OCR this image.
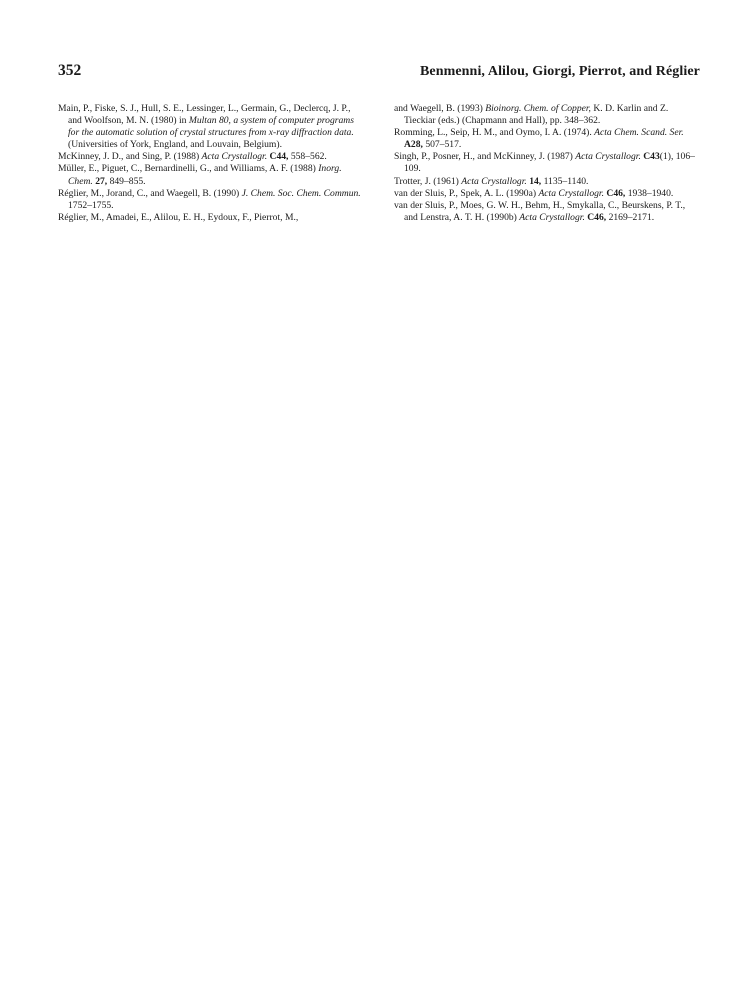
352	Benmenni, Alilou, Giorgi, Pierrot, and Réglier

Main, P., Fiske, S. J., Hull, S. E., Lessinger, L., Germain, G., Declercq, J. P., and Woolfson, M. N. (1980) in Multan 80, a system of computer programs for the automatic solution of crystal structures from x-ray diffraction data. (Universities of York, England, and Louvain, Belgium).

McKinney, J. D., and Sing, P. (1988) Acta Crystallogr. C44, 558–562.

Müller, E., Piguet, C., Bernardinelli, G., and Williams, A. F. (1988) Inorg. Chem. 27, 849–855.

Réglier, M., Jorand, C., and Waegell, B. (1990) J. Chem. Soc. Chem. Commun. 1752–1755.

Réglier, M., Amadei, E., Alilou, E. H., Eydoux, F., Pierrot, M.,

and Waegell, B. (1993) Bioinorg. Chem. of Copper, K. D. Karlin and Z. Tieckiar (eds.) (Chapmann and Hall), pp. 348–362.

Romming, L., Seip, H. M., and Oymo, I. A. (1974). Acta Chem. Scand. Ser. A28, 507–517.

Singh, P., Posner, H., and McKinney, J. (1987) Acta Crystallogr. C43(1), 106–109.

Trotter, J. (1961) Acta Crystallogr. 14, 1135–1140.

van der Sluis, P., Spek, A. L. (1990a) Acta Crystallogr. C46, 1938–1940.

van der Sluis, P., Moes, G. W. H., Behm, H., Smykalla, C., Beurskens, P. T., and Lenstra, A. T. H. (1990b) Acta Crystallogr. C46, 2169–2171.
